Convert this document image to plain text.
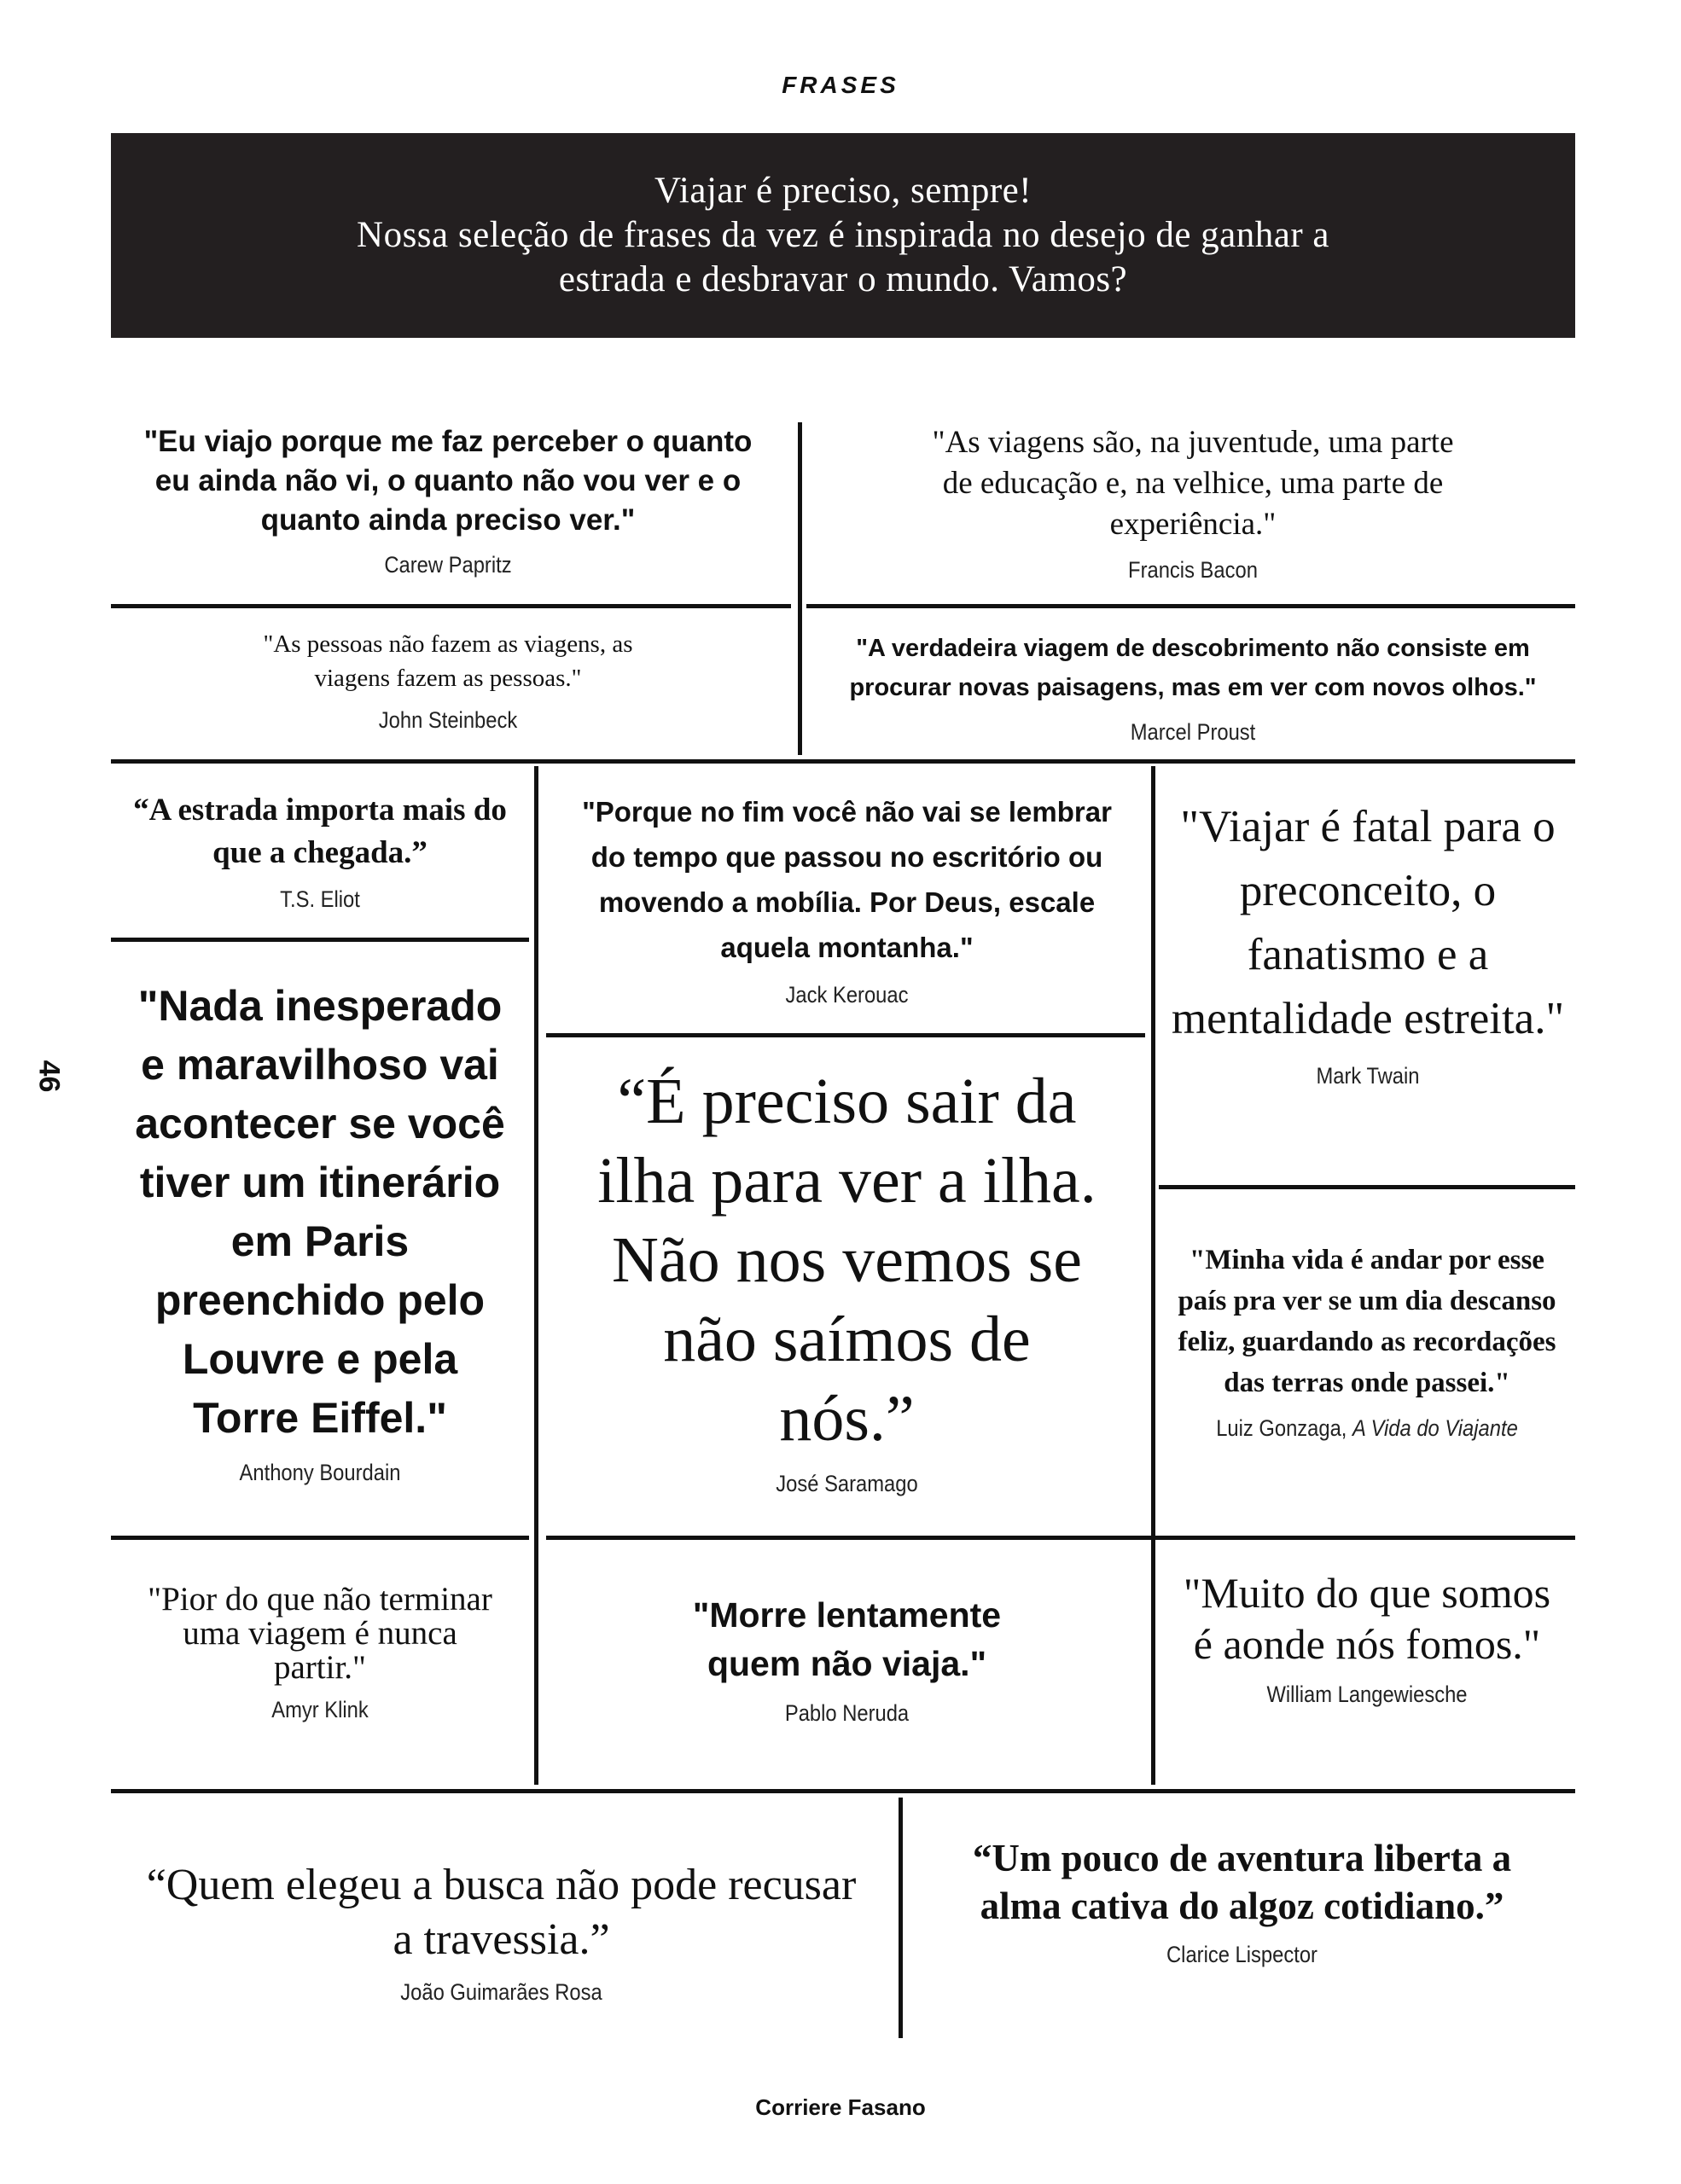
FRASES

Viajar é preciso, sempre!

Nossa seleção de frases da vez é inspirada no desejo de ganhar a

estrada e desbravar o mundo. Vamos?

"Eu viajo porque me faz perceber o quanto eu ainda não vi, o quanto não vou ver e o quanto ainda preciso ver."
Carew Papritz
"As viagens são, na juventude, uma parte de educação e, na velhice, uma parte de experiência."
Francis Bacon
"As pessoas não fazem as viagens, as viagens fazem as pessoas."
John Steinbeck
"A verdadeira viagem de descobrimento não consiste em procurar novas paisagens, mas em ver com novos olhos."
Marcel Proust
“A estrada importa mais do que a chegada.”
T.S. Eliot
"Porque no fim você não vai se lembrar do tempo que passou no escritório ou movendo a mobília. Por Deus, escale aquela montanha."
Jack Kerouac
"Viajar é fatal para o preconceito, o fanatismo e a mentalidade estreita."
Mark Twain
"Nada inesperado e maravilhoso vai acontecer se você tiver um itinerário em Paris preenchido pelo Louvre e pela Torre Eiffel."
Anthony Bourdain
“É preciso sair da ilha para ver a ilha. Não nos vemos se não saímos de nós.”
José Saramago
"Minha vida é andar por esse país pra ver se um dia descanso feliz, guardando as recordações das terras onde passei."
Luiz Gonzaga, A Vida do Viajante
"Pior do que não terminar uma viagem é nunca partir."
Amyr Klink
"Morre lentamente quem não viaja."
Pablo Neruda
"Muito do que somos é aonde nós fomos."
William Langewiesche
“Quem elegeu a busca não pode recusar a travessia.”
João Guimarães Rosa
“Um pouco de aventura liberta a alma cativa do algoz cotidiano.”
Clarice Lispector
46
Corriere Fasano
